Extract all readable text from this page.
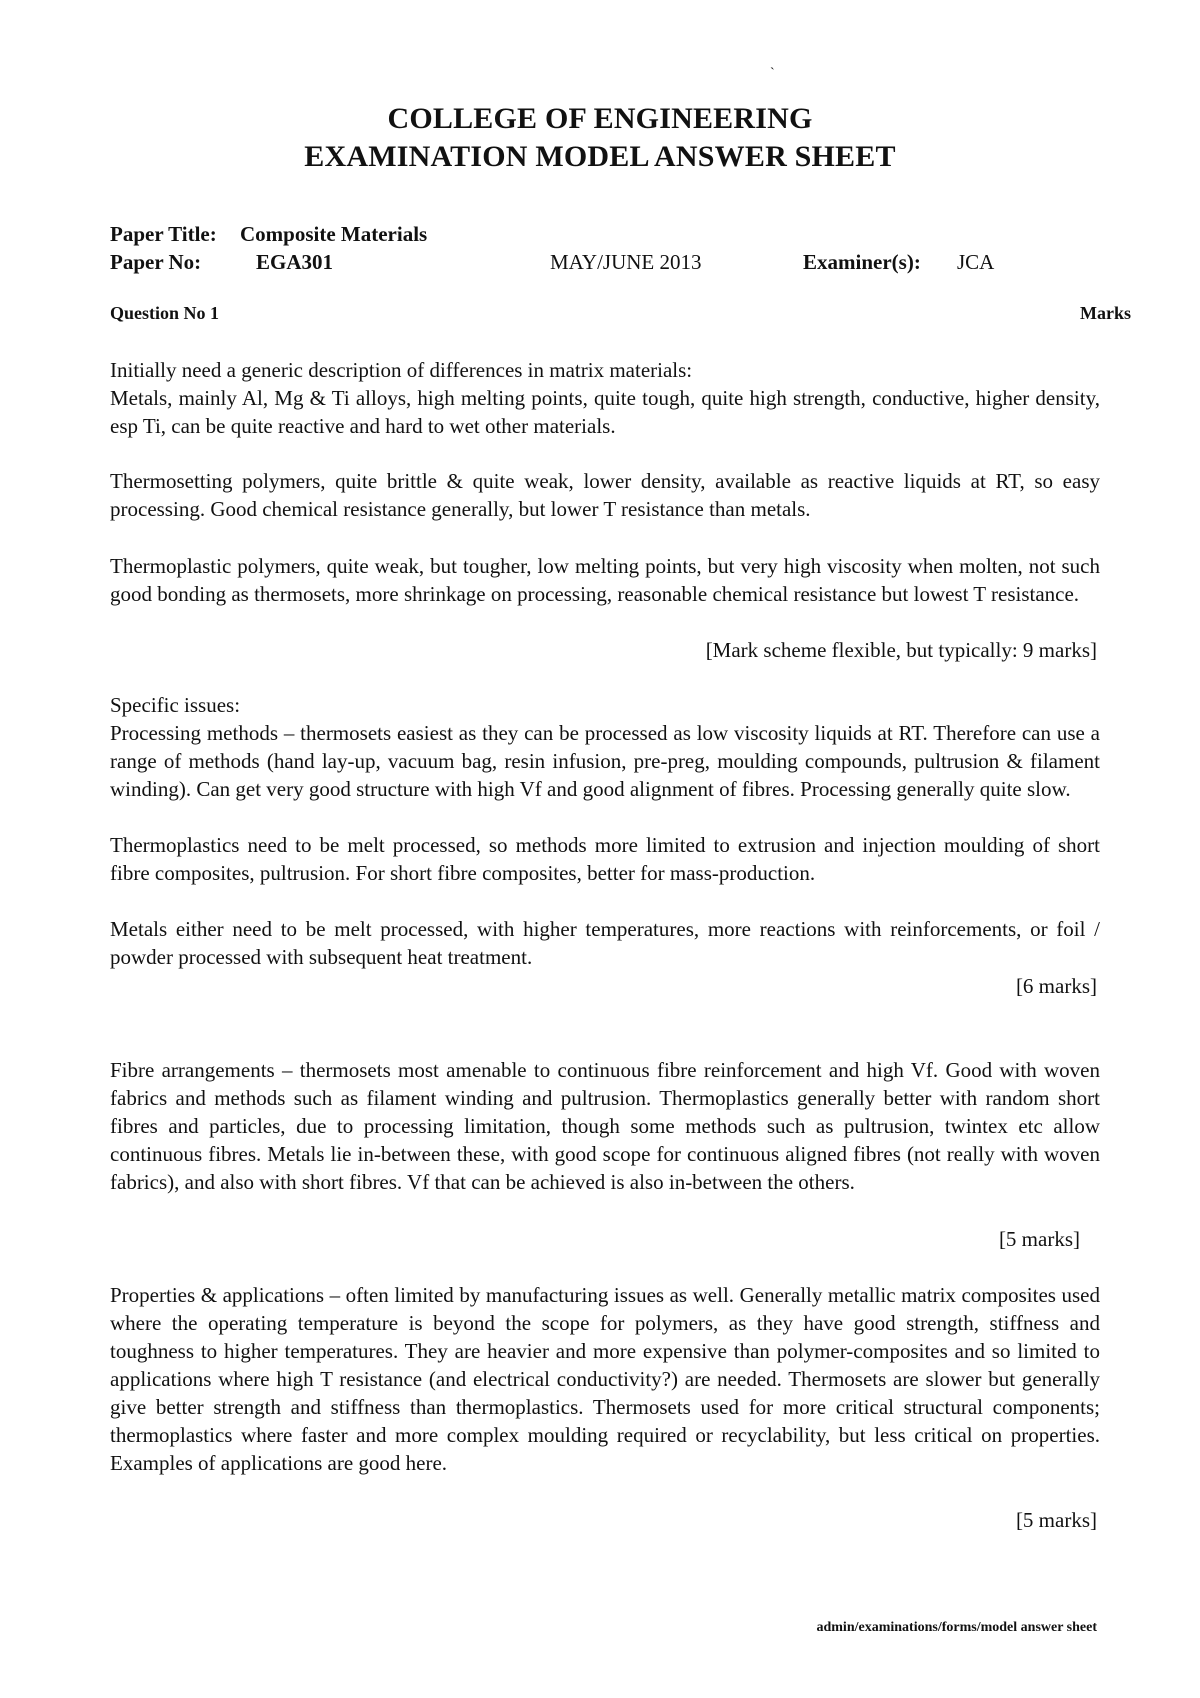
`
COLLEGE OF ENGINEERING
EXAMINATION MODEL ANSWER SHEET
Paper Title: Composite Materials
Paper No:	EGA301	MAY/JUNE 2013	Examiner(s): JCA
Question No 1	Marks

Initially need a generic description of differences in matrix materials:

Metals, mainly Al, Mg & Ti alloys, high melting points, quite tough, quite high strength, conductive, higher density, esp Ti, can be quite reactive and hard to wet other materials.

Thermosetting polymers, quite brittle & quite weak, lower density, available as reactive liquids at RT, so easy processing. Good chemical resistance generally, but lower T resistance than metals.

Thermoplastic polymers, quite weak, but tougher, low melting points, but very high viscosity when molten, not such good bonding as thermosets, more shrinkage on processing, reasonable chemical resistance but lowest T resistance.

[Mark scheme flexible, but typically: 9 marks]

Specific issues:

Processing methods – thermosets easiest as they can be processed as low viscosity liquids at RT. Therefore can use a range of methods (hand lay-up, vacuum bag, resin infusion, pre-preg, moulding compounds, pultrusion & filament winding). Can get very good structure with high Vf and good alignment of fibres. Processing generally quite slow.

Thermoplastics need to be melt processed, so methods more limited to extrusion and injection moulding of short fibre composites, pultrusion. For short fibre composites, better for mass-production.

Metals either need to be melt processed, with higher temperatures, more reactions with reinforcements, or foil / powder processed with subsequent heat treatment.

[6 marks]

Fibre arrangements – thermosets most amenable to continuous fibre reinforcement and high Vf. Good with woven fabrics and methods such as filament winding and pultrusion. Thermoplastics generally better with random short fibres and particles, due to processing limitation, though some methods such as pultrusion, twintex etc allow continuous fibres. Metals lie in-between these, with good scope for continuous aligned fibres (not really with woven fabrics), and also with short fibres. Vf that can be achieved is also in-between the others.

[5 marks]

Properties & applications – often limited by manufacturing issues as well. Generally metallic matrix composites used where the operating temperature is beyond the scope for polymers, as they have good strength, stiffness and toughness to higher temperatures. They are heavier and more expensive than polymer-composites and so limited to applications where high T resistance (and electrical conductivity?) are needed. Thermosets are slower but generally give better strength and stiffness than thermoplastics. Thermosets used for more critical structural components; thermoplastics where faster and more complex moulding required or recyclability, but less critical on properties. Examples of applications are good here.

[5 marks]
admin/examinations/forms/model answer sheet
